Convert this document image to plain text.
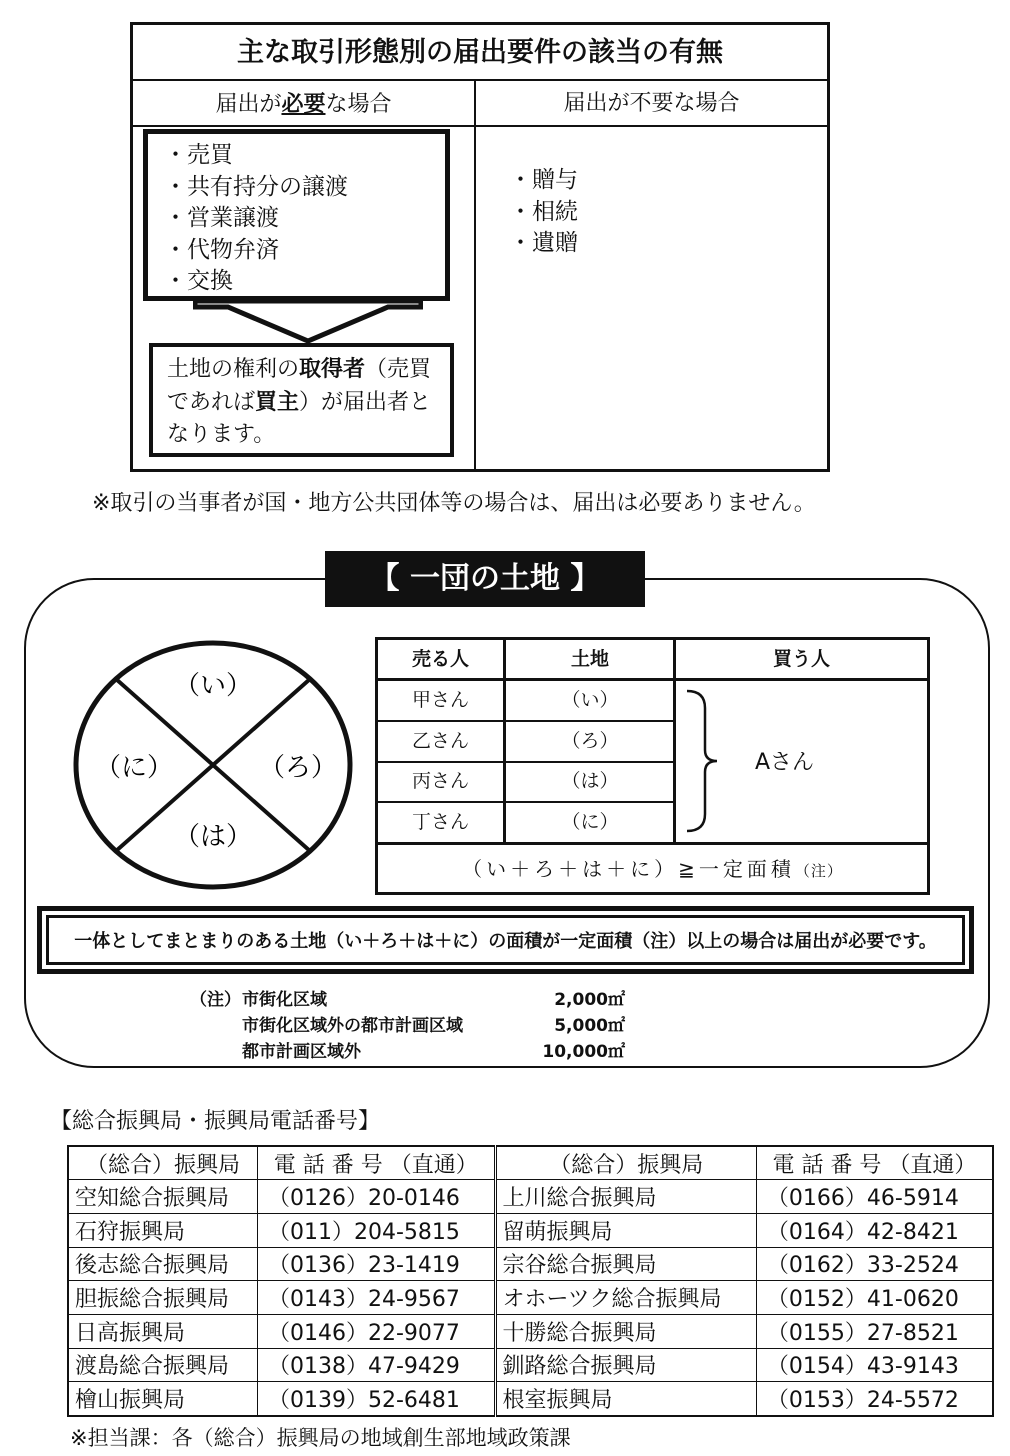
主な取引形態別の届出要件の該当の有無
届出が必要な場合	届出が不要な場合
・売買
・共有持分の譲渡
・営業譲渡
・代物弁済
・交換
土地の権利の取得者（売買であれば買主）が届出者となります。
・贈与
・相続
・遺贈
※取引の当事者が国・地方公共団体等の場合は、届出は必要ありません。
【 一団の土地 】
（い）
（ろ）
（は）
（に）
売る人	土地	買う人
甲さん	（い）
乙さん	（ろ）
丙さん	（は）
丁さん	（に）
Aさん
（い＋ろ＋は＋に）≧一定面積（注）
一体としてまとまりのある土地（い＋ろ＋は＋に）の面積が一定面積（注）以上の場合は届出が必要です。
（注） 市街化区域	2,000㎡
市街化区域外の都市計画区域	5,000㎡
都市計画区域外	10,000㎡
【総合振興局・振興局電話番号】
（総合）振興局	電 話 番 号 （直通）	（総合）振興局	電 話 番 号 （直通）
空知総合振興局	（0126）20-0146	上川総合振興局	（0166）46-5914
石狩振興局	（011）204-5815	留萌振興局	（0164）42-8421
後志総合振興局	（0136）23-1419	宗谷総合振興局	（0162）33-2524
胆振総合振興局	（0143）24-9567	オホーツク総合振興局	（0152）41-0620
日高振興局	（0146）22-9077	十勝総合振興局	（0155）27-8521
渡島総合振興局	（0138）47-9429	釧路総合振興局	（0154）43-9143
檜山振興局	（0139）52-6481	根室振興局	（0153）24-5572
※担当課：各（総合）振興局の地域創生部地域政策課
